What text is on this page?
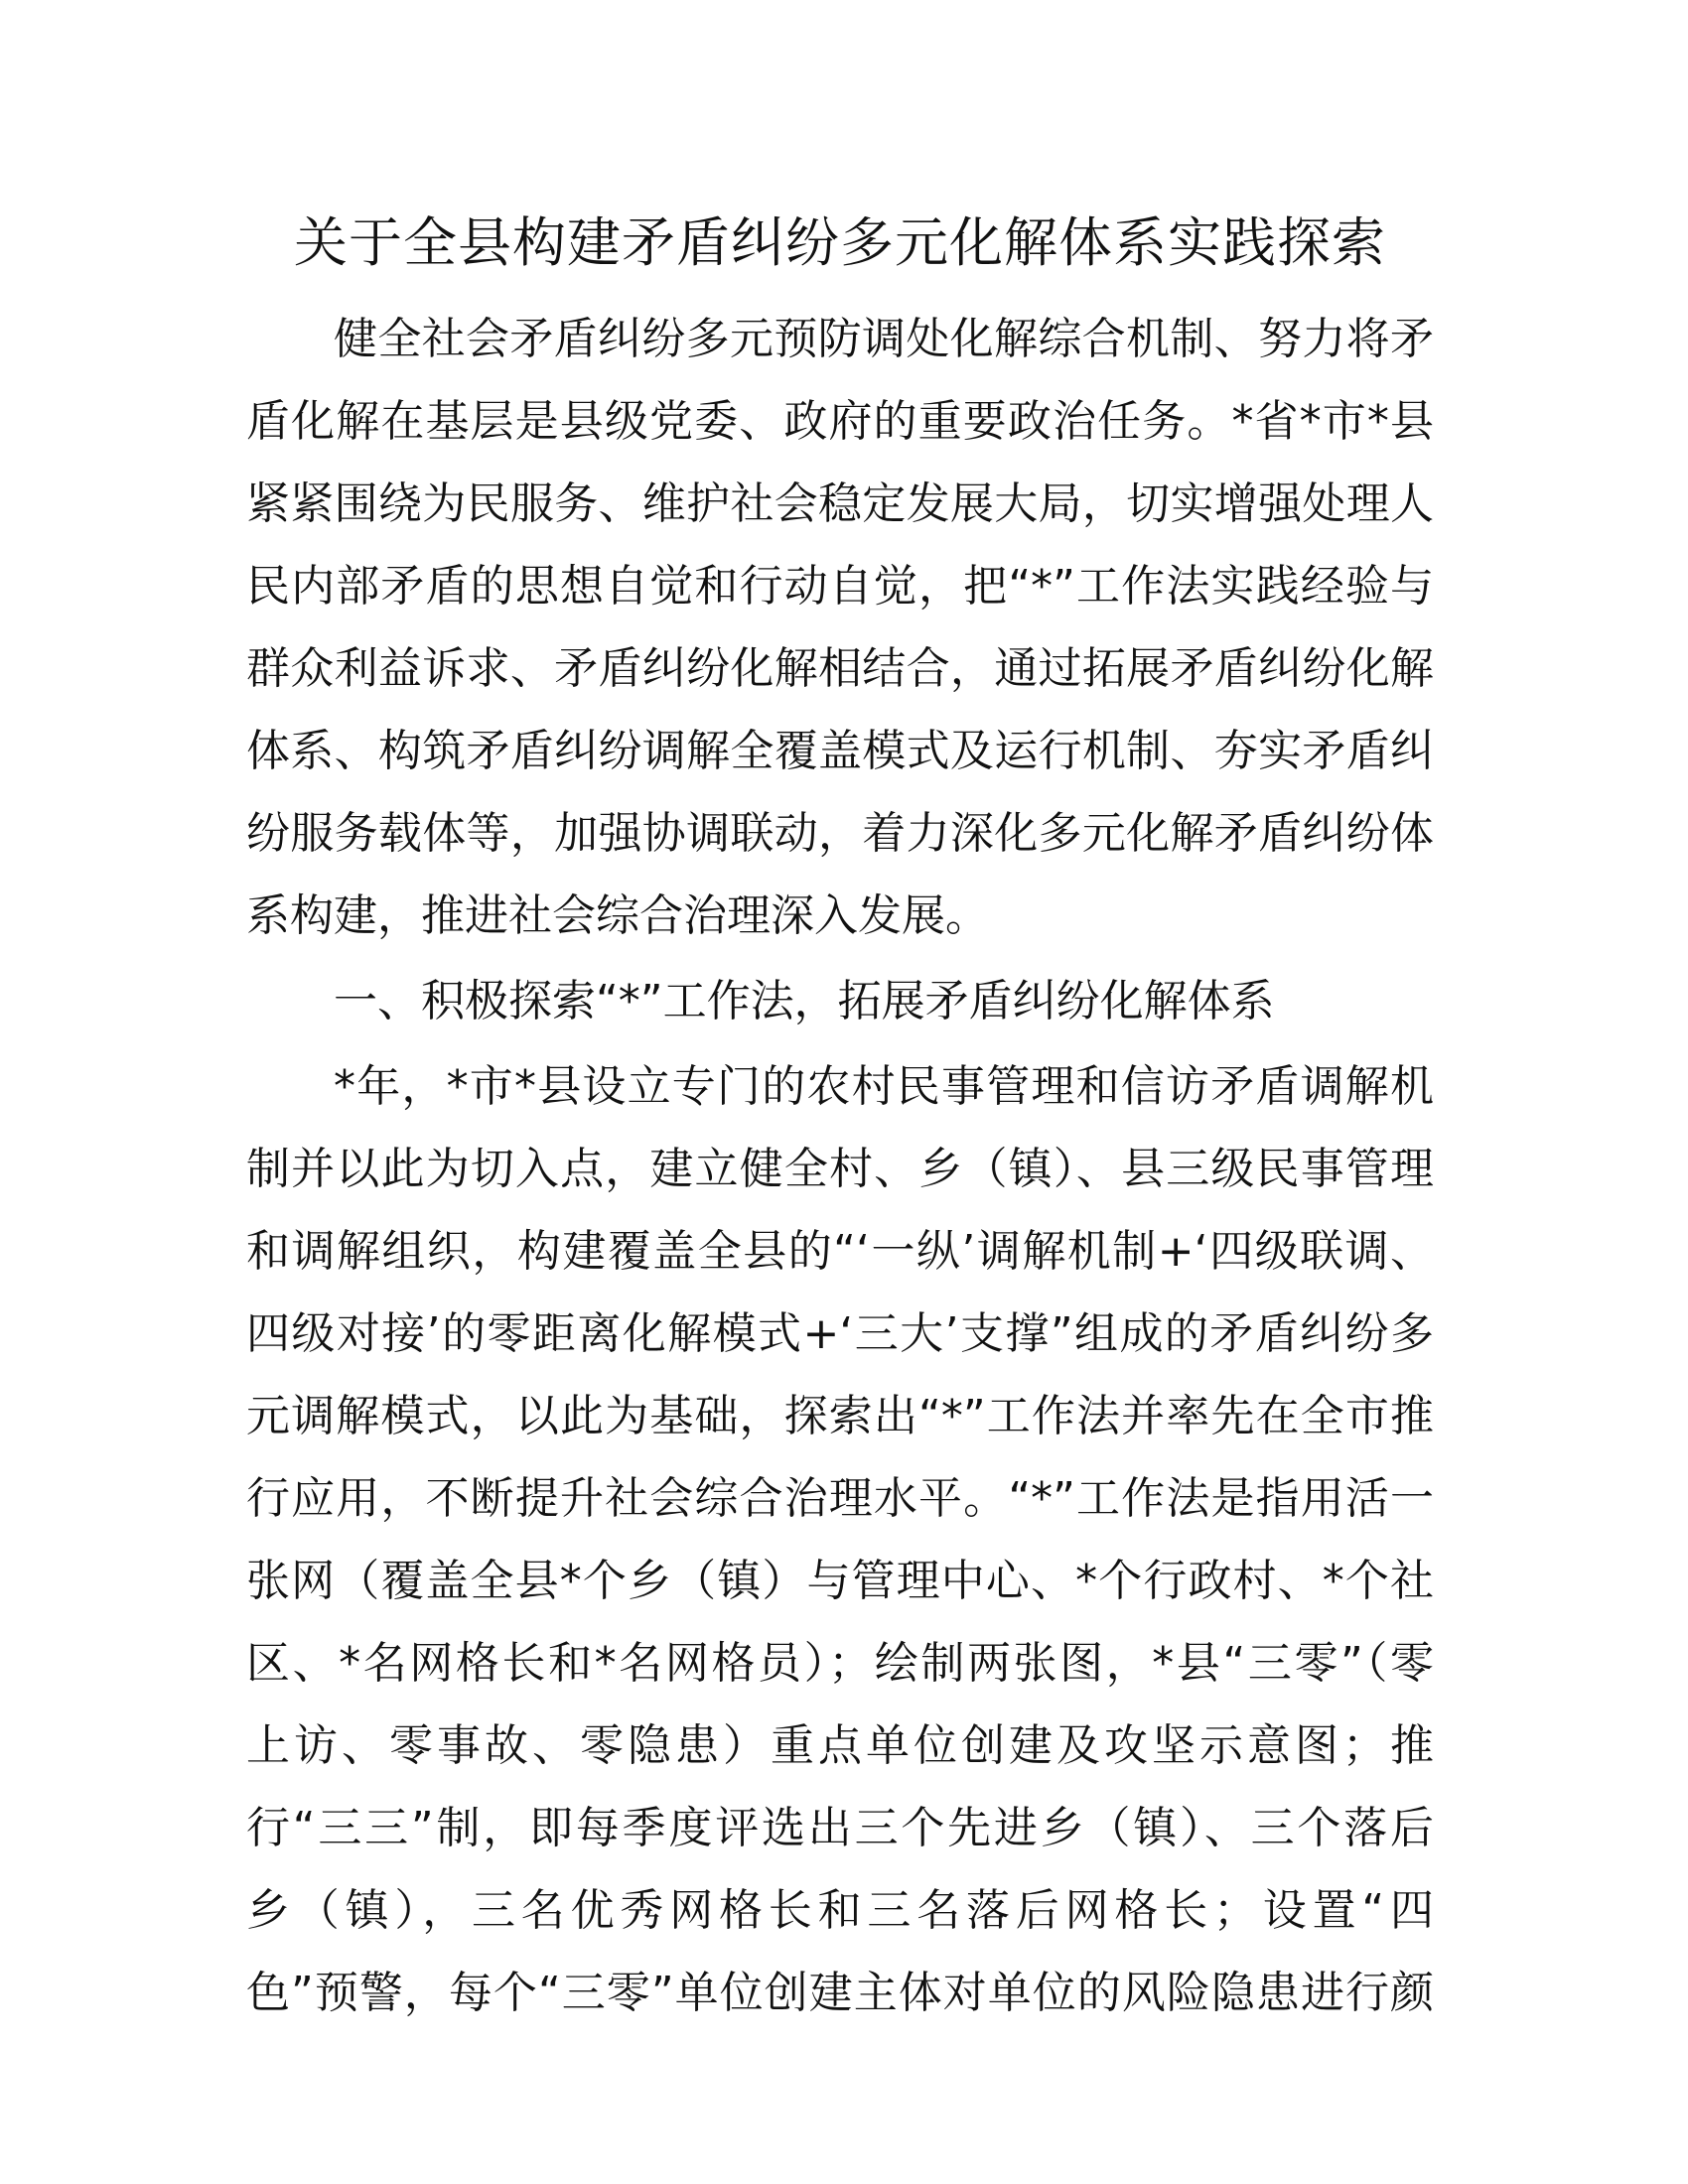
关于全县构建矛盾纠纷多元化解体系实践探索
健全社会矛盾纠纷多元预防调处化解综合机制、努力将矛
盾化解在基层是县级党委、政府的重要政治任务。*省*市*县
紧紧围绕为民服务、维护社会稳定发展大局，切实增强处理人
民内部矛盾的思想自觉和行动自觉，把“*”工作法实践经验与
群众利益诉求、矛盾纠纷化解相结合，通过拓展矛盾纠纷化解
体系、构筑矛盾纠纷调解全覆盖模式及运行机制、夯实矛盾纠
纷服务载体等，加强协调联动，着力深化多元化解矛盾纠纷体
系构建，推进社会综合治理深入发展。
一、积极探索“*”工作法，拓展矛盾纠纷化解体系
*年，*市*县设立专门的农村民事管理和信访矛盾调解机
制并以此为切入点，建立健全村、乡（镇）、县三级民事管理
和调解组织，构建覆盖全县的“‘一纵’调解机制+‘四级联调、
四级对接’的零距离化解模式+‘三大’支撑”组成的矛盾纠纷多
元调解模式，以此为基础，探索出“*”工作法并率先在全市推
行应用，不断提升社会综合治理水平。“*”工作法是指用活一
张网（覆盖全县*个乡（镇）与管理中心、*个行政村、*个社
区、*名网格长和*名网格员）；绘制两张图，*县“三零”（零
上访、零事故、零隐患）重点单位创建及攻坚示意图；推
行“三三”制，即每季度评选出三个先进乡（镇）、三个落后
乡（镇），三名优秀网格长和三名落后网格长；设置“四
色”预警，每个“三零”单位创建主体对单位的风险隐患进行颜
